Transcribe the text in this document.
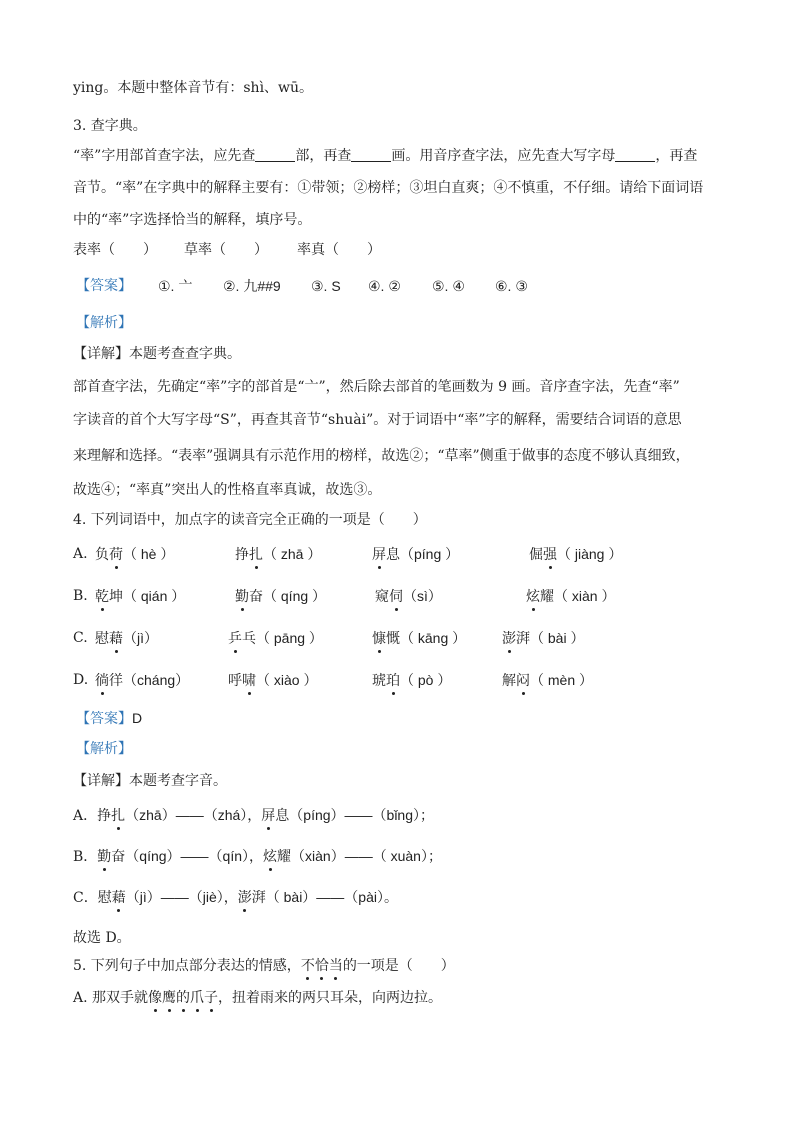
ying。本题中整体音节有：shì、wū。
3. 查字典。
“率”字用部首查字法，应先查	部，再查	画。用音序查字法，应先查大写字母	，再查
音节。“率”在字典中的解释主要有：①带领；②榜样；③坦白直爽；④不慎重，不仔细。请给下面词语
中的“率”字选择恰当的解释，填序号。
表率（　　） 草率（　　） 率真（　　）
【答案】 ①. 亠 ②. 九##9 ③. S ④. ② ⑤. ④ ⑥. ③
【解析】
【详解】本题考查查字典。
部首查字法，先确定“率”字的部首是“亠”，然后除去部首的笔画数为 9 画。音序查字法，先查“率”
字读音的首个大写字母“S”，再查其音节“shuài”。对于词语中“率”字的解释，需要结合词语的意思
来理解和选择。“表率”强调具有示范作用的榜样，故选②；“草率”侧重于做事的态度不够认真细致，
故选④；“率真”突出人的性格直率真诚，故选③。
4. 下列词语中，加点字的读音完全正确的一项是（　　）
A. 负荷（ hè ）	挣扎（ zhā ）	屏息（píng ）	倔强（ jiàng ）
B. 乾坤（ qián ）	勤奋（ qíng ）	窥伺（sì）	炫耀（ xiàn ）
C. 慰藉（jì）	乒乓（ pāng ）	慷慨（ kāng ）	澎湃（ bài ）
D. 徜徉（cháng）	呼啸（ xiào ）	琥珀（ pò ）	解闷（ mèn ）
【答案】D
【解析】
【详解】本题考查字音。
A．挣扎（zhā）——（zhá），屏息（píng）——（bǐng）；
B．勤奋（qíng）——（qín），炫耀（xiàn）——（ xuàn）；
C．慰藉（jì）——（jiè），澎湃（ bài）——（pài）。
故选 D。
5. 下列句子中加点部分表达的情感，不恰当的一项是（　　）
A. 那双手就像鹰的爪子，扭着雨来的两只耳朵，向两边拉。
